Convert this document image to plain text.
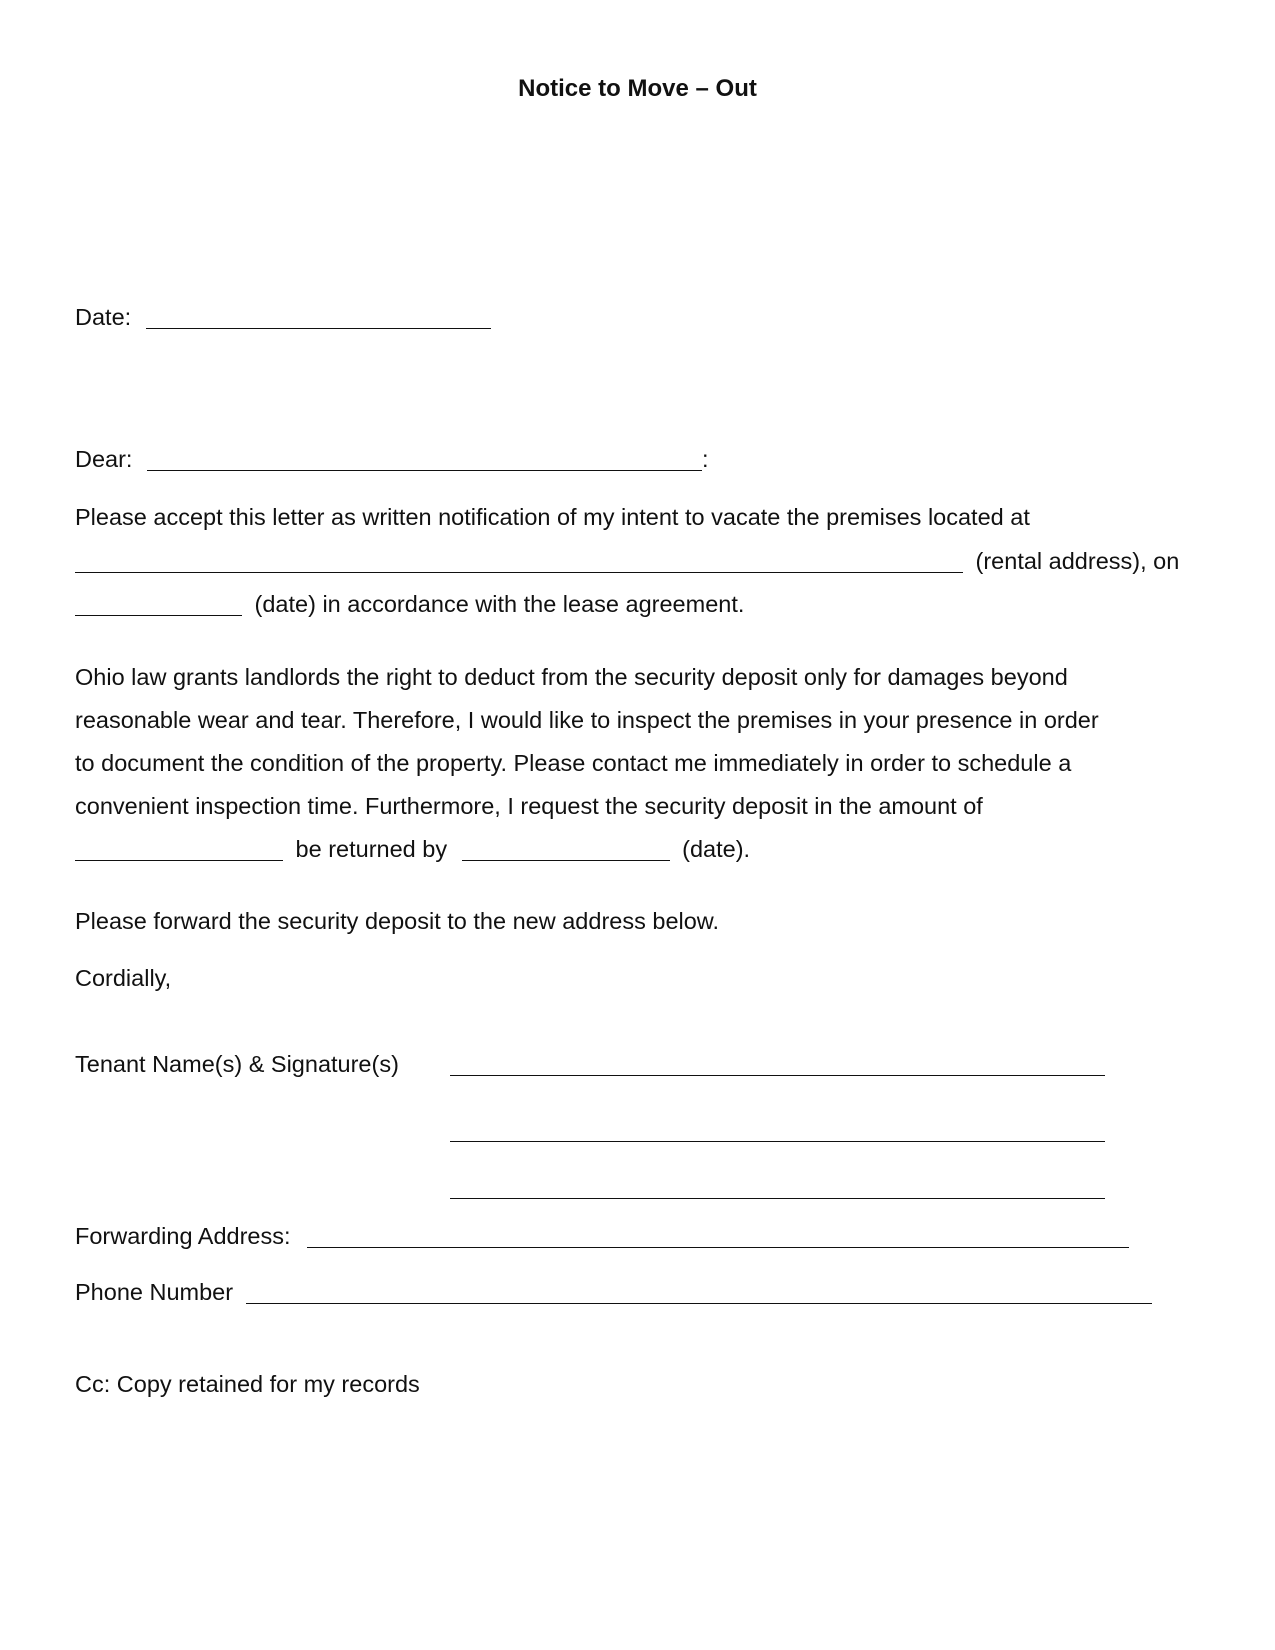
Notice to Move – Out
Date:
Dear:	:
Please accept this letter as written notification of my intent to vacate the premises located at
(rental address), on
(date) in accordance with the lease agreement.
Ohio law grants landlords the right to deduct from the security deposit only for damages beyond
reasonable wear and tear. Therefore, I would like to inspect the premises in your presence in order
to document the condition of the property. Please contact me immediately in order to schedule a
convenient inspection time. Furthermore, I request the security deposit in the amount of
be returned by	(date).
Please forward the security deposit to the new address below.
Cordially,
Tenant Name(s) & Signature(s)
Forwarding Address:
Phone Number
Cc: Copy retained for my records
